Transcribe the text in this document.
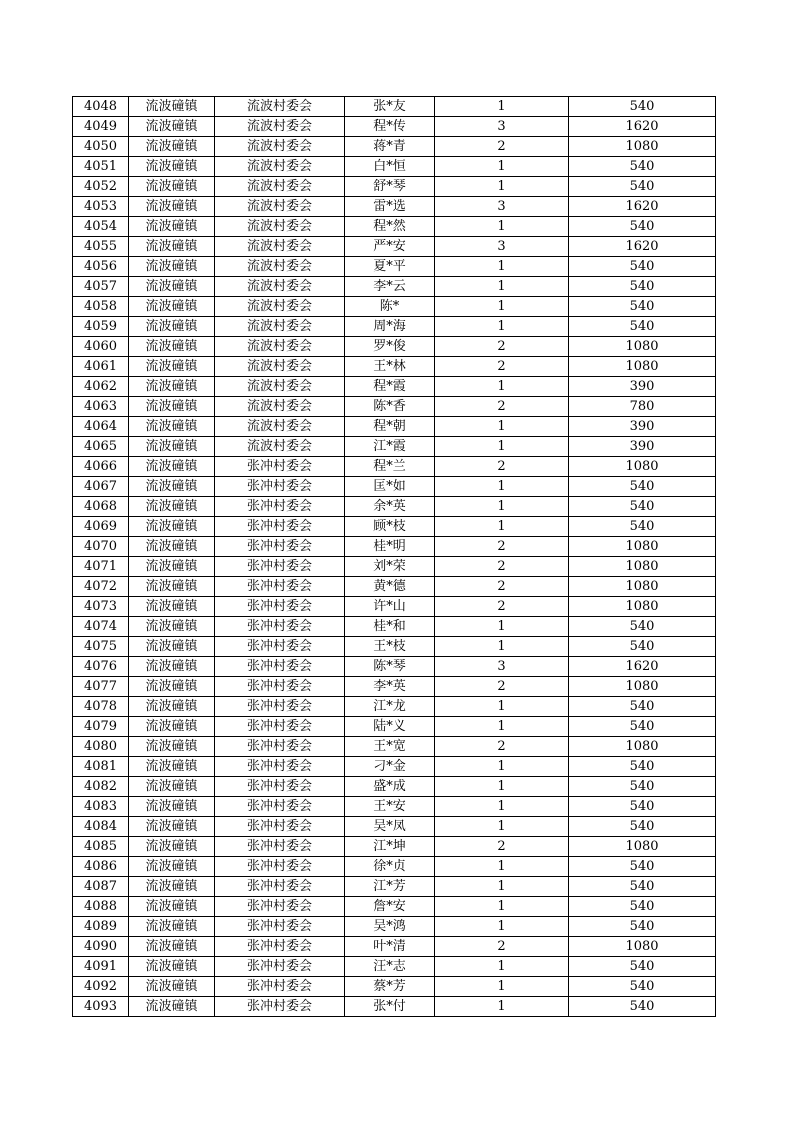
4048	流波䃥镇	流波村委会	张*友	1	540
4049	流波䃥镇	流波村委会	程*传	3	1620
4050	流波䃥镇	流波村委会	蒋*青	2	1080
4051	流波䃥镇	流波村委会	白*恒	1	540
4052	流波䃥镇	流波村委会	舒*琴	1	540
4053	流波䃥镇	流波村委会	雷*选	3	1620
4054	流波䃥镇	流波村委会	程*然	1	540
4055	流波䃥镇	流波村委会	严*安	3	1620
4056	流波䃥镇	流波村委会	夏*平	1	540
4057	流波䃥镇	流波村委会	李*云	1	540
4058	流波䃥镇	流波村委会	陈*	1	540
4059	流波䃥镇	流波村委会	周*海	1	540
4060	流波䃥镇	流波村委会	罗*俊	2	1080
4061	流波䃥镇	流波村委会	王*林	2	1080
4062	流波䃥镇	流波村委会	程*霞	1	390
4063	流波䃥镇	流波村委会	陈*香	2	780
4064	流波䃥镇	流波村委会	程*朝	1	390
4065	流波䃥镇	流波村委会	江*霞	1	390
4066	流波䃥镇	张冲村委会	程*兰	2	1080
4067	流波䃥镇	张冲村委会	匡*如	1	540
4068	流波䃥镇	张冲村委会	余*英	1	540
4069	流波䃥镇	张冲村委会	顾*枝	1	540
4070	流波䃥镇	张冲村委会	桂*明	2	1080
4071	流波䃥镇	张冲村委会	刘*荣	2	1080
4072	流波䃥镇	张冲村委会	黄*德	2	1080
4073	流波䃥镇	张冲村委会	许*山	2	1080
4074	流波䃥镇	张冲村委会	桂*和	1	540
4075	流波䃥镇	张冲村委会	王*枝	1	540
4076	流波䃥镇	张冲村委会	陈*琴	3	1620
4077	流波䃥镇	张冲村委会	李*英	2	1080
4078	流波䃥镇	张冲村委会	江*龙	1	540
4079	流波䃥镇	张冲村委会	陆*义	1	540
4080	流波䃥镇	张冲村委会	王*宽	2	1080
4081	流波䃥镇	张冲村委会	刁*金	1	540
4082	流波䃥镇	张冲村委会	盛*成	1	540
4083	流波䃥镇	张冲村委会	王*安	1	540
4084	流波䃥镇	张冲村委会	吴*凤	1	540
4085	流波䃥镇	张冲村委会	江*坤	2	1080
4086	流波䃥镇	张冲村委会	徐*贞	1	540
4087	流波䃥镇	张冲村委会	江*芳	1	540
4088	流波䃥镇	张冲村委会	詹*安	1	540
4089	流波䃥镇	张冲村委会	吴*鸿	1	540
4090	流波䃥镇	张冲村委会	叶*清	2	1080
4091	流波䃥镇	张冲村委会	汪*志	1	540
4092	流波䃥镇	张冲村委会	蔡*芳	1	540
4093	流波䃥镇	张冲村委会	张*付	1	540
